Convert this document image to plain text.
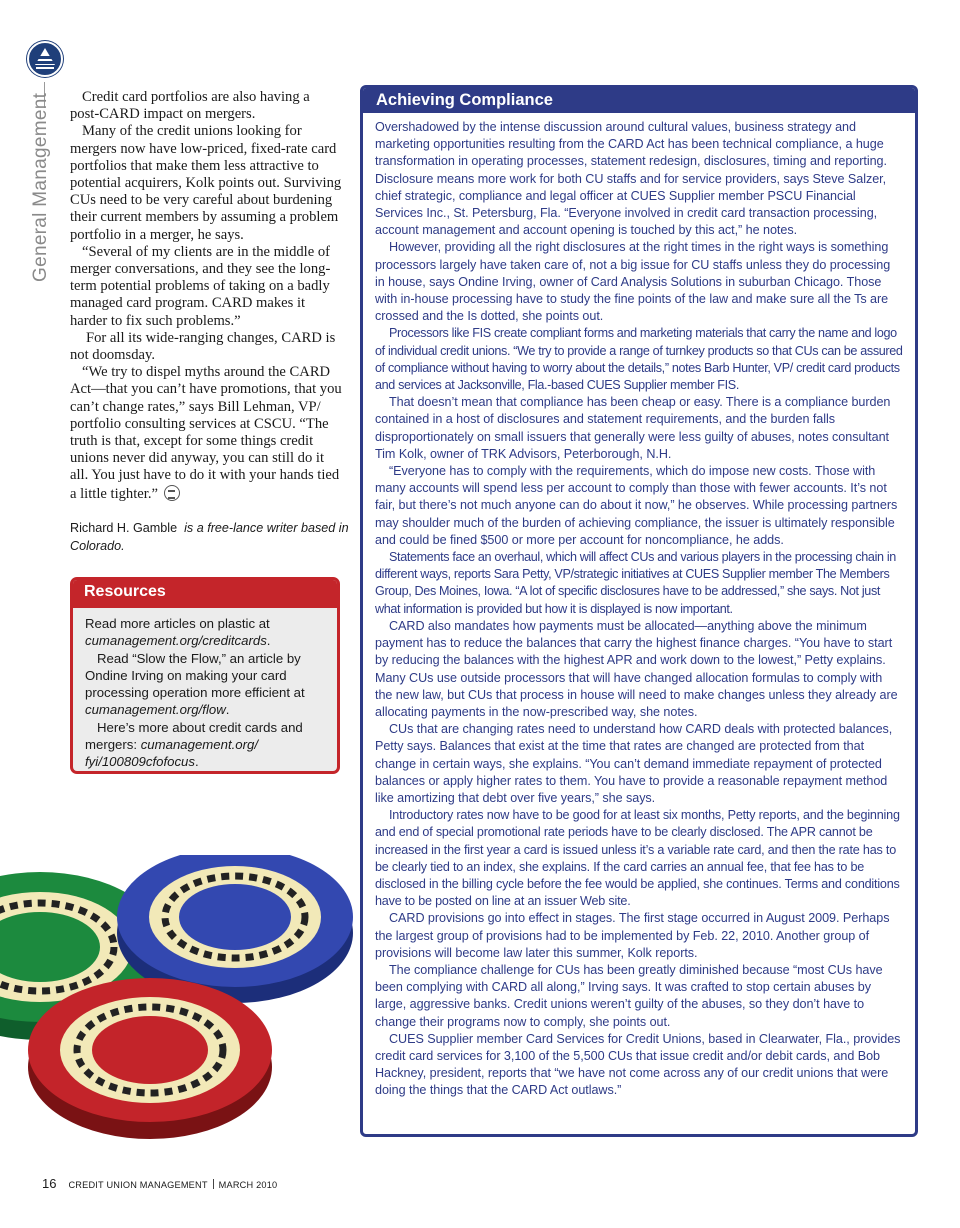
General Management	Credit card portfolios are also having a post-CARD impact on mergers.

Many of the credit unions looking for mergers now have low-priced, fixed-rate card portfolios that make them less attractive to potential acquirers, Kolk points out. Surviving CUs need to be very careful about burdening their current members by assuming a problem portfolio in a merger, he says.

“Several of my clients are in the middle of merger conversations, and they see the long-term potential problems of taking on a badly managed card program. CARD makes it harder to fix such problems.”

For all its wide-ranging changes, CARD is not doomsday.

“We try to dispel myths around the CARD Act—that you can’t have promotions, that you can’t change rates,” says Bill Lehman, VP/ portfolio consulting services at CSCU. “The truth is that, except for some things credit unions never did anyway, you can still do it all. You just have to do it with your hands tied a little tighter.”

Richard H. Gamble is a free-lance writer based in Colorado.
Resources

Read more articles on plastic at cumanagement.org/creditcards.

Read “Slow the Flow,” an article by Ondine Irving on making your card processing operation more efficient at cumanagement.org/flow.

Here’s more about credit cards and mergers: cumanagement.org/ fyi/100809cfofocus.

Achieving Compliance

Overshadowed by the intense discussion around cultural values, business strategy and marketing opportunities resulting from the CARD Act has been technical compliance, a huge transformation in operating processes, statement redesign, disclosures, timing and reporting. Disclosure means more work for both CU staffs and for service providers, says Steve Salzer, chief strategic, compliance and legal officer at CUES Supplier member PSCU Financial Services Inc., St. Petersburg, Fla. “Everyone involved in credit card transaction processing, account management and account opening is touched by this act,” he notes.

However, providing all the right disclosures at the right times in the right ways is something processors largely have taken care of, not a big issue for CU staffs unless they do processing in house, says Ondine Irving, owner of Card Analysis Solutions in suburban Chicago. Those with in-house processing have to study the fine points of the law and make sure all the Ts are crossed and the Is dotted, she points out.

Processors like FIS create compliant forms and marketing materials that carry the name and logo of individual credit unions. “We try to provide a range of turnkey products so that CUs can be assured of compliance without having to worry about the details,” notes Barb Hunter, VP/ credit card products and services at Jacksonville, Fla.-based CUES Supplier member FIS.

That doesn’t mean that compliance has been cheap or easy. There is a compliance burden contained in a host of disclosures and statement requirements, and the burden falls disproportionately on small issuers that generally were less guilty of abuses, notes consultant Tim Kolk, owner of TRK Advisors, Peterborough, N.H.

“Everyone has to comply with the requirements, which do impose new costs. Those with many accounts will spend less per account to comply than those with fewer accounts. It’s not fair, but there’s not much anyone can do about it now,” he observes. While processing partners may shoulder much of the burden of achieving compliance, the issuer is ultimately responsible and could be fined $500 or more per account for noncompliance, he adds.

Statements face an overhaul, which will affect CUs and various players in the processing chain in different ways, reports Sara Petty, VP/strategic initiatives at CUES Supplier member The Members Group, Des Moines, Iowa. “A lot of specific disclosures have to be addressed,” she says. Not just what information is provided but how it is displayed is now important.

CARD also mandates how payments must be allocated—anything above the minimum payment has to reduce the balances that carry the highest finance charges. “You have to start by reducing the balances with the highest APR and work down to the lowest,” Petty explains. Many CUs use outside processors that will have changed allocation formulas to comply with the new law, but CUs that process in house will need to make changes unless they already are allocating payments in the now-prescribed way, she notes.

CUs that are changing rates need to understand how CARD deals with protected balances, Petty says. Balances that exist at the time that rates are changed are protected from that change in certain ways, she explains. “You can’t demand immediate repayment of protected balances or apply higher rates to them. You have to provide a reasonable repayment method like amortizing that debt over five years,” she says.

Introductory rates now have to be good for at least six months, Petty reports, and the beginning and end of special promotional rate periods have to be clearly disclosed. The APR cannot be increased in the first year a card is issued unless it’s a variable rate card, and then the rate has to be clearly tied to an index, she explains. If the card carries an annual fee, that fee has to be disclosed in the billing cycle before the fee would be applied, she continues. Terms and conditions have to be posted on line at an issuer Web site.

CARD provisions go into effect in stages. The first stage occurred in August 2009. Perhaps the largest group of provisions had to be implemented by Feb. 22, 2010. Another group of provisions will become law later this summer, Kolk reports.

The compliance challenge for CUs has been greatly diminished because “most CUs have been complying with CARD all along,” Irving says. It was crafted to stop certain abuses by large, aggressive banks. Credit unions weren’t guilty of the abuses, so they don’t have to change their programs now to comply, she points out.

CUES Supplier member Card Services for Credit Unions, based in Clearwater, Fla., provides credit card services for 3,100 of the 5,500 CUs that issue credit and/or debit cards, and Bob Hackney, president, reports that “we have not come across any of our credit unions that were doing the things that the CARD Act outlaws.”

16 CREDIT UNION MANAGEMENT MARCH 2010
